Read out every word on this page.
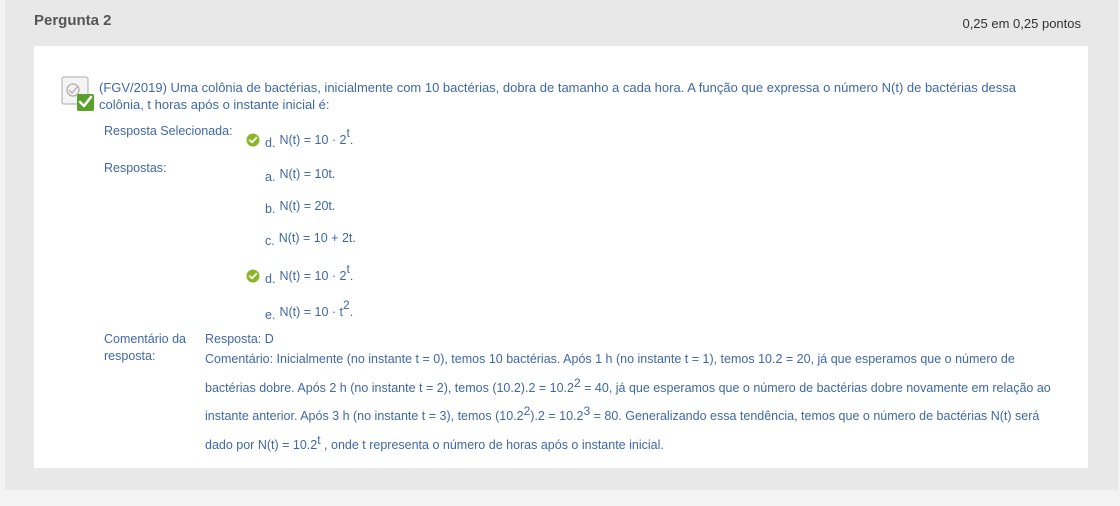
Pergunta 2	0,25 em 0,25 pontos
(FGV/2019) Uma colônia de bactérias, inicialmente com 10 bactérias, dobra de tamanho a cada hora. A função que expressa o número N(t) de bactérias dessa colônia, t horas após o instante inicial é:
Resposta Selecionada:
d. $N(t) = 10 \cdot 2^t$.
Respostas:
a. N(t) = 10t.
b. N(t) = 20t.
c. N(t) = 10 + 2t.
d. $N(t) = 10 \cdot 2^t$.
e. $N(t) = 10 \cdot t^2$.
Comentário da resposta:
Resposta: D
Comentário: Inicialmente (no instante t = 0), temos 10 bactérias. Após 1 h (no instante t = 1), temos 10.2 = 20, já que esperamos que o número de bactérias dobre. Após 2 h (no instante t = 2), temos $(10.2).2 = 10.2^2 = 40$, já que esperamos que o número de bactérias dobre novamente em relação ao instante anterior. Após 3 h (no instante t = 3), temos $(10.2^2).2 = 10.2^3 = 80$. Generalizando essa tendência, temos que o número de bactérias N(t) será dado por $N(t) = 10.2^t$ , onde t representa o número de horas após o instante inicial.
